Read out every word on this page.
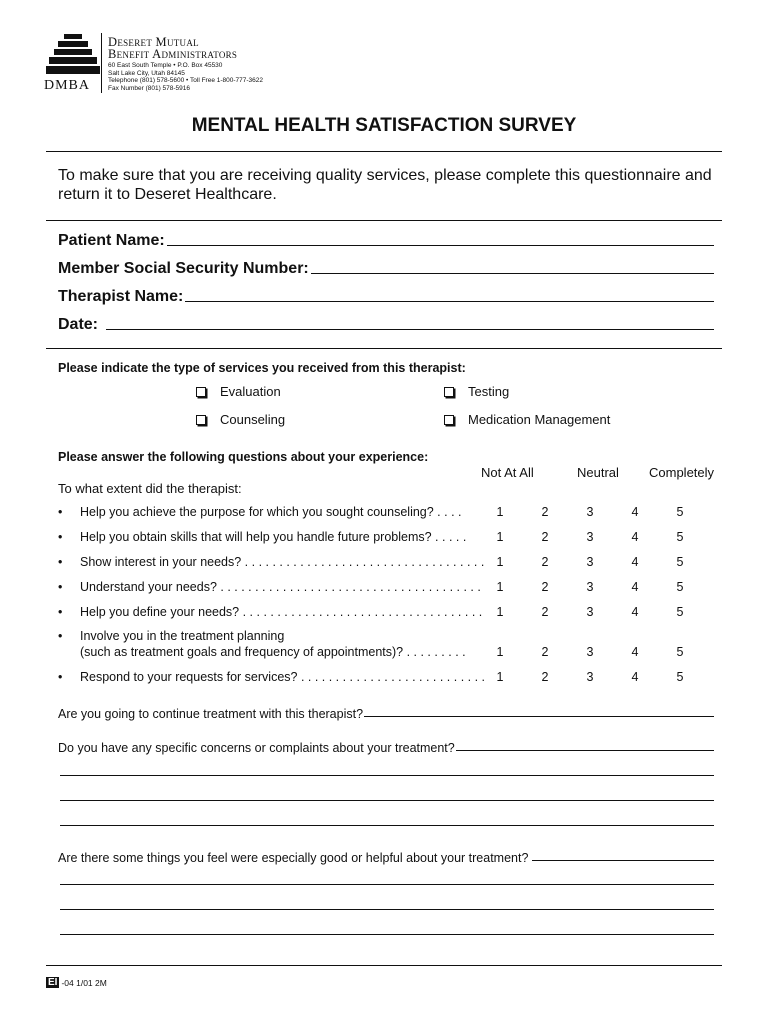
DMBA
Deseret Mutual
Benefit Administrators
60 East South Temple • P.O. Box 45530
Salt Lake City, Utah 84145
Telephone (801) 578-5600 • Toll Free 1-800-777-3622
Fax Number (801) 578-5916
MENTAL HEALTH SATISFACTION SURVEY
To make sure that you are receiving quality services, please complete this questionnaire and return it to Deseret Healthcare.
Patient Name:
Member Social Security Number:
Therapist Name:
Date:
Please indicate the type of services you received from this therapist:
Evaluation	Testing
Counseling	Medication Management
Please answer the following questions about your experience:
Not At All	Neutral Completely
To what extent did the therapist:
• Help you achieve the purpose for which you sought counseling? . . . .	1	2	3	4	5
• Help you obtain skills that will help you handle future problems? . . . . .	1	2	3	4	5
• Show interest in your needs? . . . . . . . . . . . . . . . . . . . . . . . . . . . . . . . . . . . 1	2	3	4	5
• Understand your needs? . . . . . . . . . . . . . . . . . . . . . . . . . . . . . . . . . . . . . .	1	2	3	4	5
• Help you define your needs? . . . . . . . . . . . . . . . . . . . . . . . . . . . . . . . . . . .	1	2	3	4	5
• Involve you in the treatment planning
(such as treatment goals and frequency of appointments)? . . . . . . . . .	1	2	3	4	5
• Respond to your requests for services? . . . . . . . . . . . . . . . . . . . . . . . . . . . 1	2	3	4	5
Are you going to continue treatment with this therapist?
Do you have any specific concerns or complaints about your treatment?
Are there some things you feel were especially good or helpful about your treatment?
EI -04 1/01 2M
